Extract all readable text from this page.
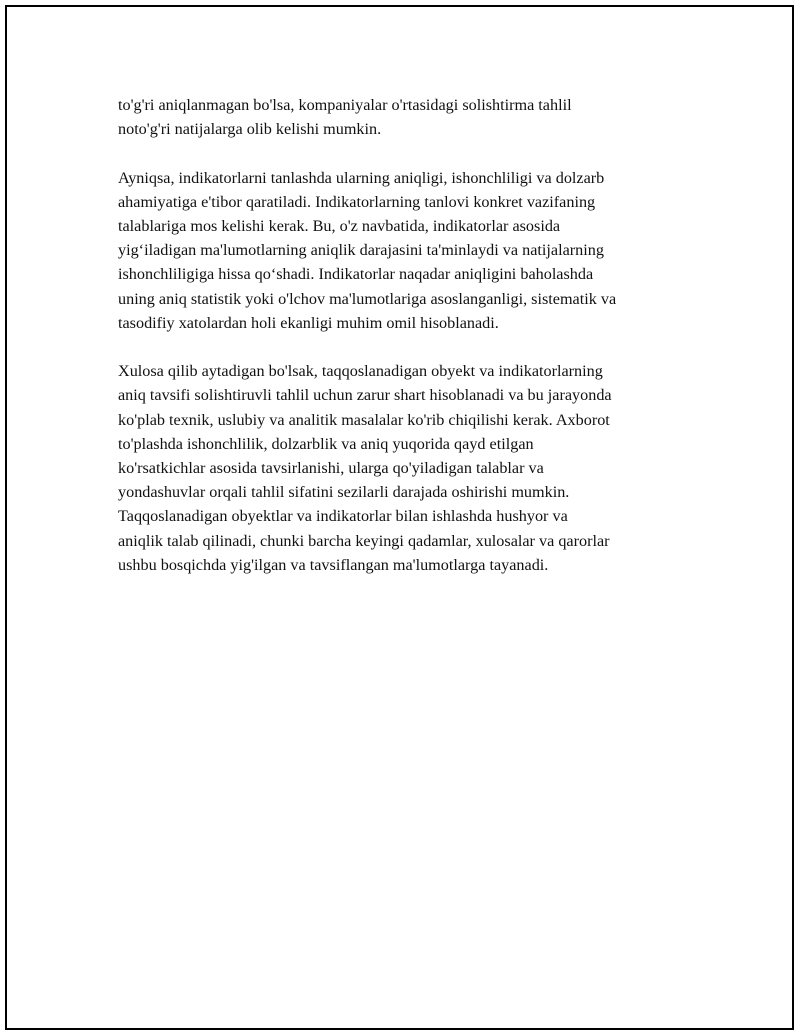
to'g'ri aniqlanmagan bo'lsa, kompaniyalar o'rtasidagi solishtirma tahlil
noto'g'ri natijalarga olib kelishi mumkin.

Ayniqsa, indikatorlarni tanlashda ularning aniqligi, ishonchliligi va dolzarb
ahamiyatiga e'tibor qaratiladi. Indikatorlarning tanlovi konkret vazifaning
talablariga mos kelishi kerak. Bu, o'z navbatida, indikatorlar asosida
yig‘iladigan ma'lumotlarning aniqlik darajasini ta'minlaydi va natijalarning
ishonchliligiga hissa qo‘shadi. Indikatorlar naqadar aniqligini baholashda
uning aniq statistik yoki o'lchov ma'lumotlariga asoslanganligi, sistematik va
tasodifiy xatolardan holi ekanligi muhim omil hisoblanadi.

Xulosa qilib aytadigan bo'lsak, taqqoslanadigan obyekt va indikatorlarning
aniq tavsifi solishtiruvli tahlil uchun zarur shart hisoblanadi va bu jarayonda
ko'plab texnik, uslubiy va analitik masalalar ko'rib chiqilishi kerak. Axborot
to'plashda ishonchlilik, dolzarblik va aniq yuqorida qayd etilgan
ko'rsatkichlar asosida tavsirlanishi, ularga qo'yiladigan talablar va
yondashuvlar orqali tahlil sifatini sezilarli darajada oshirishi mumkin.
Taqqoslanadigan obyektlar va indikatorlar bilan ishlashda hushyor va
aniqlik talab qilinadi, chunki barcha keyingi qadamlar, xulosalar va qarorlar
ushbu bosqichda yig'ilgan va tavsiflangan ma'lumotlarga tayanadi.
